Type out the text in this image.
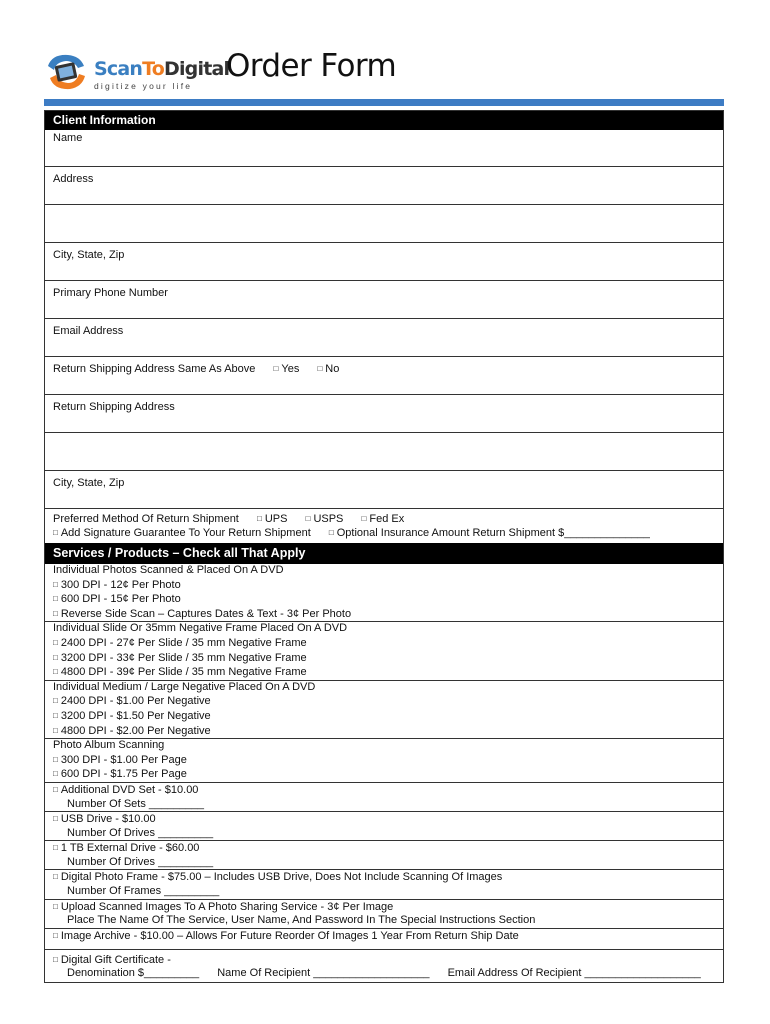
ScanToDigital
digitize your life
Order Form
Client Information
Name
Address
City, State, Zip
Primary Phone Number
Email Address
Return Shipping Address Same As Above □ Yes □ No
Return Shipping Address
City, State, Zip
Preferred Method Of Return Shipment □ UPS □ USPS □ Fed Ex
□ Add Signature Guarantee To Your Return Shipment □ Optional Insurance Amount Return Shipment $______________
Services / Products – Check all That Apply
Individual Photos Scanned & Placed On A DVD
□ 300 DPI - 12¢ Per Photo
□ 600 DPI - 15¢ Per Photo
□ Reverse Side Scan – Captures Dates & Text - 3¢ Per Photo
Individual Slide Or 35mm Negative Frame Placed On A DVD
□ 2400 DPI - 27¢ Per Slide / 35 mm Negative Frame
□ 3200 DPI - 33¢ Per Slide / 35 mm Negative Frame
□ 4800 DPI - 39¢ Per Slide / 35 mm Negative Frame
Individual Medium / Large Negative Placed On A DVD
□ 2400 DPI - $1.00 Per Negative
□ 3200 DPI - $1.50 Per Negative
□ 4800 DPI - $2.00 Per Negative
Photo Album Scanning
□ 300 DPI - $1.00 Per Page
□ 600 DPI - $1.75 Per Page
□ Additional DVD Set - $10.00
Number Of Sets _________
□ USB Drive - $10.00
Number Of Drives _________
□ 1 TB External Drive - $60.00
Number Of Drives _________
□ Digital Photo Frame - $75.00 – Includes USB Drive, Does Not Include Scanning Of Images
Number Of Frames _________
□ Upload Scanned Images To A Photo Sharing Service - 3¢ Per Image
Place The Name Of The Service, User Name, And Password In The Special Instructions Section
□ Image Archive - $10.00 – Allows For Future Reorder Of Images 1 Year From Return Ship Date
□ Digital Gift Certificate -
Denomination $_________ Name Of Recipient ___________________ Email Address Of Recipient ___________________
